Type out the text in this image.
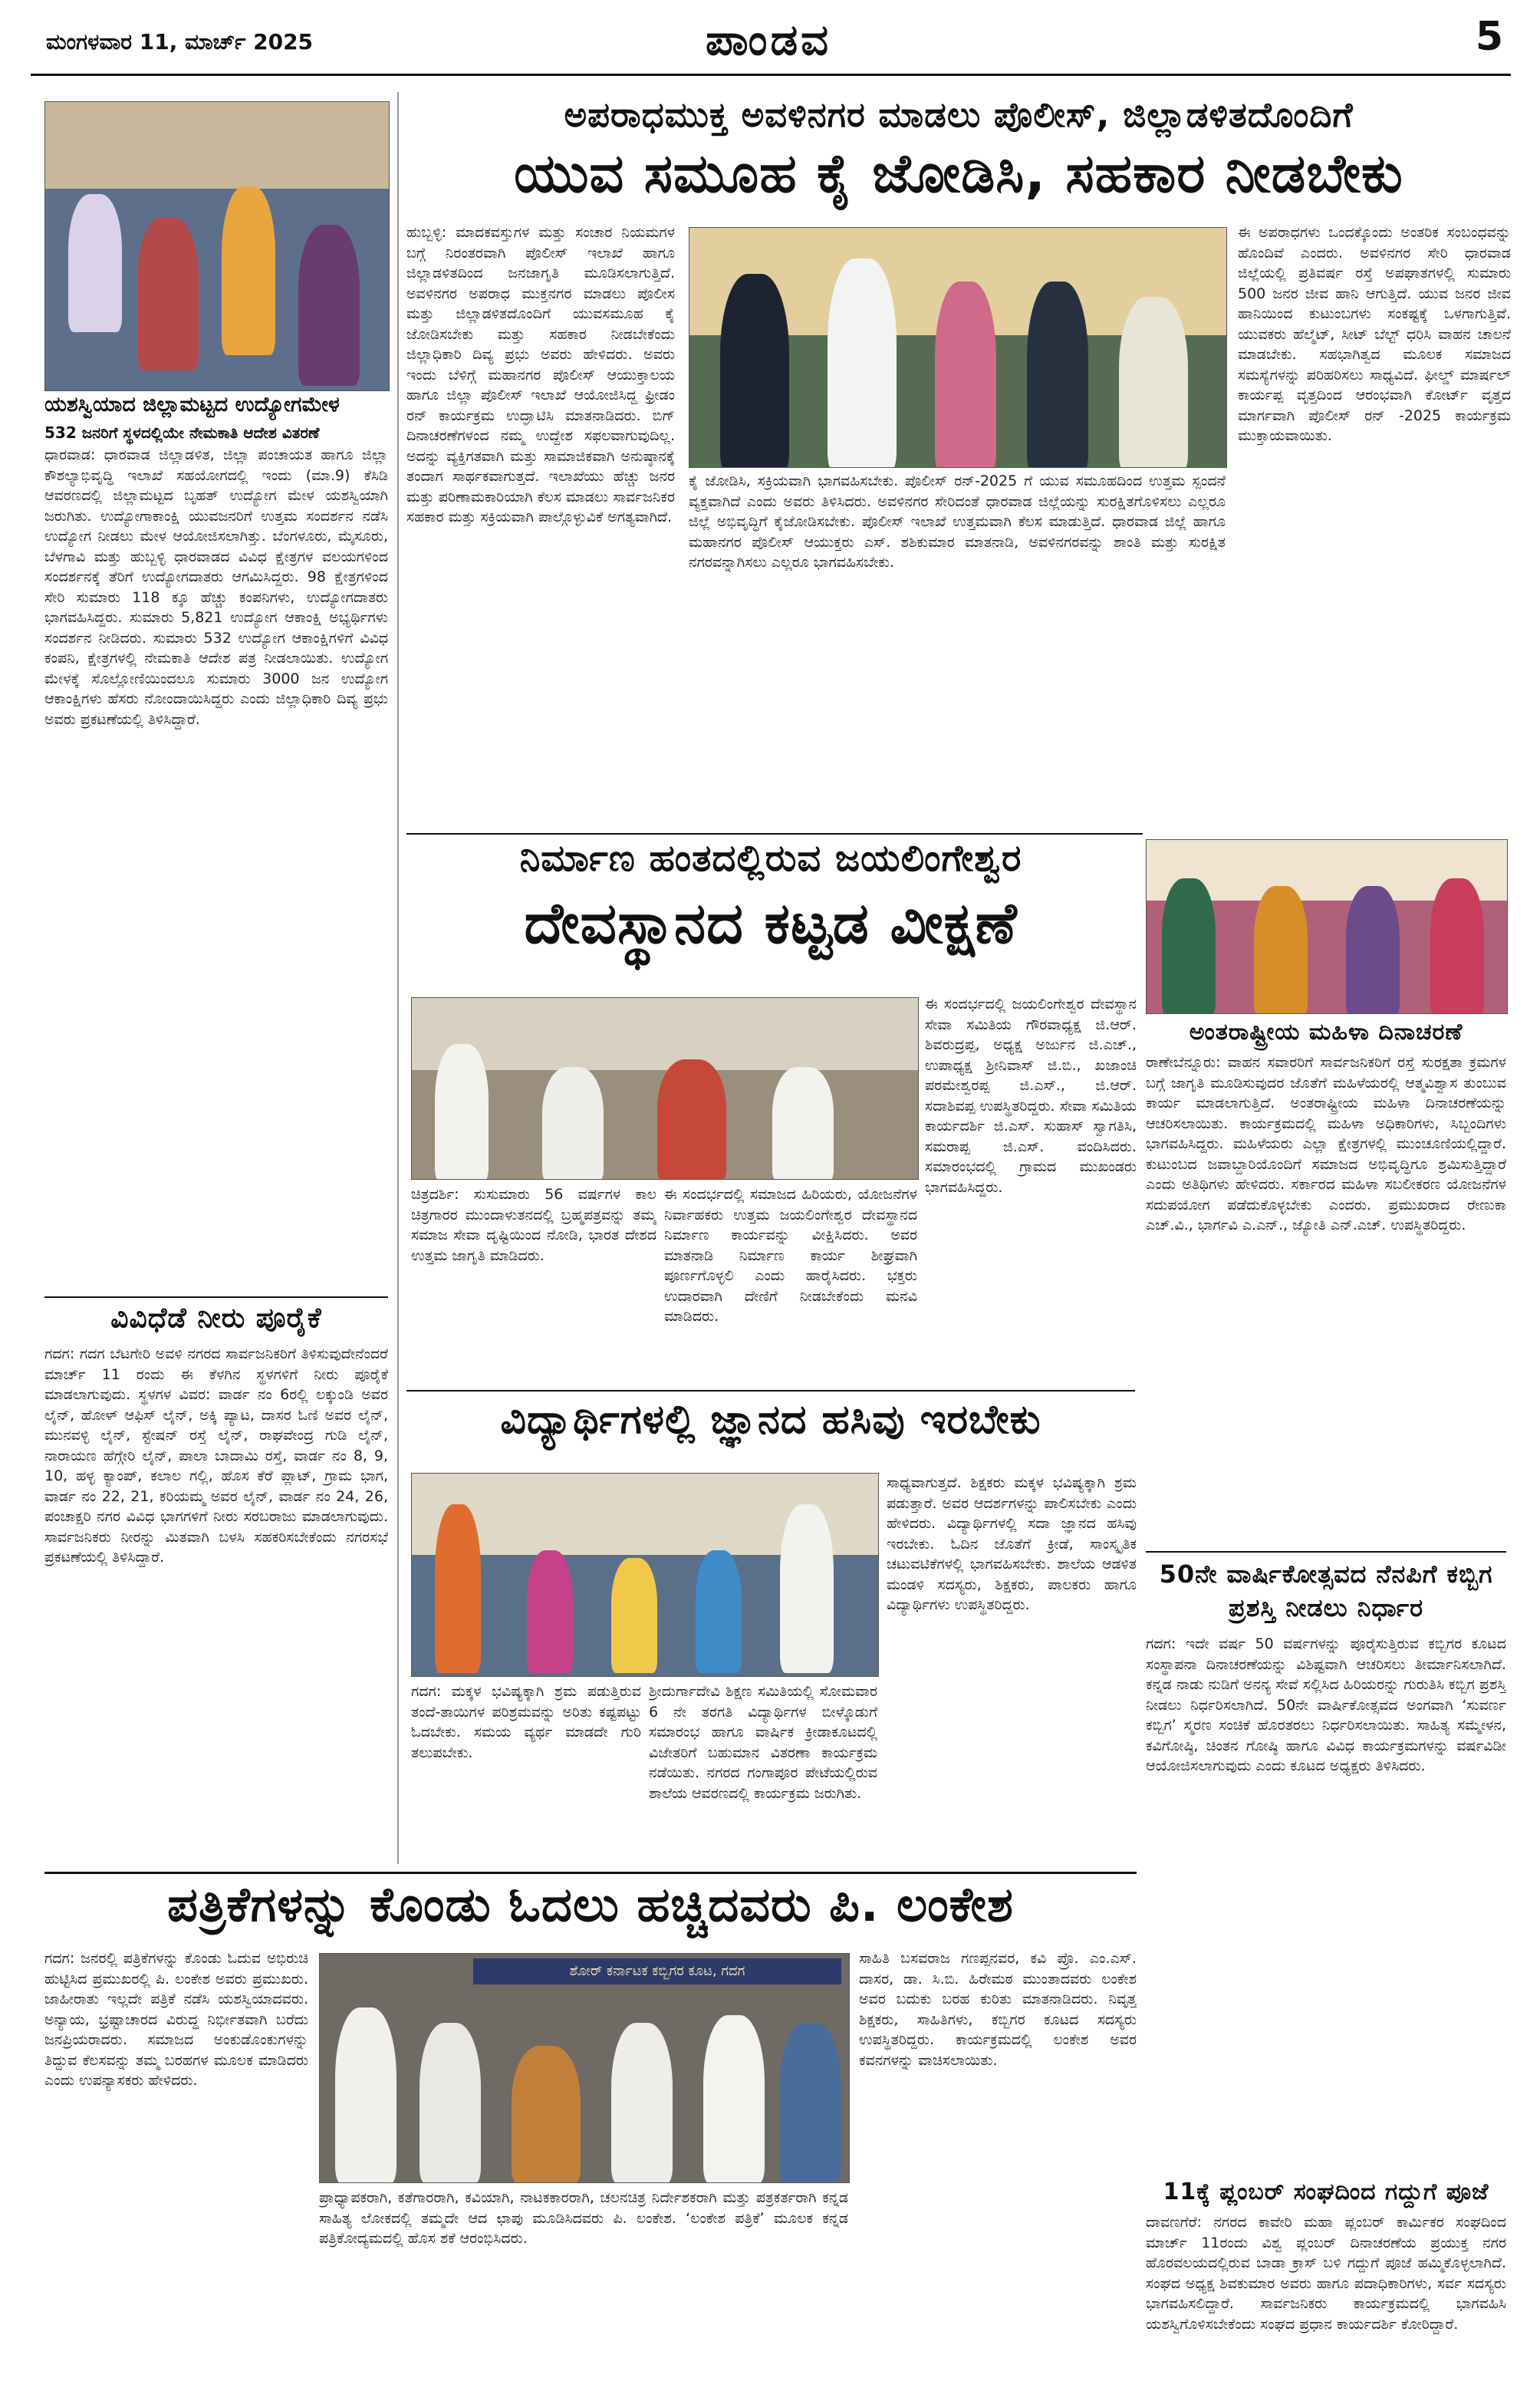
ಮಂಗಳವಾರ 11, ಮಾರ್ಚ್ 2025	ಪಾಂಡವ	5
ಯಶಸ್ವಿಯಾದ ಜಿಲ್ಲಾಮಟ್ಟದ ಉದ್ಯೋಗಮೇಳ
532 ಜನರಿಗೆ ಸ್ಥಳದಲ್ಲಿಯೇ ನೇಮಕಾತಿ ಆದೇಶ ವಿತರಣೆ
ಧಾರವಾಡ: ಧಾರವಾಡ ಜಿಲ್ಲಾಡಳಿತ, ಜಿಲ್ಲಾ ಪಂಚಾಯತ ಹಾಗೂ ಜಿಲ್ಲಾ ಕೌಶಲ್ಯಾಭಿವೃದ್ಧಿ ಇಲಾಖೆ ಸಹಯೋಗದಲ್ಲಿ ಇಂದು (ಮಾ.9) ಕೆಸಿಡಿ ಆವರಣದಲ್ಲಿ ಜಿಲ್ಲಾಮಟ್ಟದ ಬೃಹತ್ ಉದ್ಯೋಗ ಮೇಳ ಯಶಸ್ವಿಯಾಗಿ ಜರುಗಿತು. ಉದ್ಯೋಗಾಕಾಂಕ್ಷಿ ಯುವಜನರಿಗೆ ಉತ್ತಮ ಸಂದರ್ಶನ ನಡೆಸಿ ಉದ್ಯೋಗ ನೀಡಲು ಮೇಳ ಆಯೋಜಿಸಲಾಗಿತ್ತು. ಬೆಂಗಳೂರು, ಮೈಸೂರು, ಬೆಳಗಾವಿ ಮತ್ತು ಹುಬ್ಬಳ್ಳಿ ಧಾರವಾಡದ ವಿವಿಧ ಕ್ಷೇತ್ರಗಳ ವಲಯಗಳಿಂದ ಸಂದರ್ಶನಕ್ಕೆ ತೆರಿಗೆ ಉದ್ಯೋಗದಾತರು ಆಗಮಿಸಿದ್ದರು. 98 ಕ್ಷೇತ್ರಗಳಿಂದ ಸೇರಿ ಸುಮಾರು 118 ಕ್ಕೂ ಹೆಚ್ಚು ಕಂಪನಿಗಳು, ಉದ್ಯೋಗದಾತರು ಭಾಗವಹಿಸಿದ್ದರು. ಸುಮಾರು 5,821 ಉದ್ಯೋಗ ಆಕಾಂಕ್ಷಿ ಅಭ್ಯರ್ಥಿಗಳು ಸಂದರ್ಶನ ನೀಡಿದರು. ಸುಮಾರು 532 ಉದ್ಯೋಗ ಆಕಾಂಕ್ಷಿಗಳಿಗೆ ವಿವಿಧ ಕಂಪನಿ, ಕ್ಷೇತ್ರಗಳಲ್ಲಿ ನೇಮಕಾತಿ ಆದೇಶ ಪತ್ರ ನೀಡಲಾಯಿತು. ಉದ್ಯೋಗ ಮೇಳಕ್ಕೆ ಸೊಲ್ಲೋಣಿಯಿಂದಲೂ ಸುಮಾರು 3000 ಜನ ಉದ್ಯೋಗ ಆಕಾಂಕ್ಷಿಗಳು ಹೆಸರು ನೋಂದಾಯಿಸಿದ್ದರು ಎಂದು ಜಿಲ್ಲಾಧಿಕಾರಿ ದಿವ್ಯ ಪ್ರಭು ಅವರು ಪ್ರಕಟಣೆಯಲ್ಲಿ ತಿಳಿಸಿದ್ದಾರೆ.
ವಿವಿಧೆಡೆ ನೀರು ಪೂರೈಕೆ
ಗದಗ: ಗದಗ ಬೆಟಗೇರಿ ಅವಳಿ ನಗರದ ಸಾರ್ವಜನಿಕರಿಗೆ ತಿಳಿಸುವುದೇನೆಂದರೆ ಮಾರ್ಚ್ 11 ರಂದು ಈ ಕೆಳಗಿನ ಸ್ಥಳಗಳಿಗೆ ನೀರು ಪೂರೈಕೆ ಮಾಡಲಾಗುವುದು. ಸ್ಥಳಗಳ ವಿವರ: ವಾರ್ಡ ನಂ 6ರಲ್ಲಿ ಲಕ್ಕುಂಡಿ ಅವರ ಲೈನ್, ಹೋಳ್ ಆಫಿಸ್ ಲೈನ್, ಅಕ್ಕಿ ಪ್ಯಾಟ, ದಾಸರ ಓಣಿ ಅವರ ಲೈನ್, ಮುನವಳ್ಳಿ ಲೈನ್, ಸ್ಟೇಷನ್ ರಸ್ತೆ ಲೈನ್, ರಾಘವೇಂದ್ರ ಗುಡಿ ಲೈನ್, ನಾರಾಯಣ ಹೆಗ್ಗೇರಿ ಲೈನ್, ಪಾಲಾ ಬಾದಾಮಿ ರಸ್ತೆ, ವಾರ್ಡ ನಂ 8, 9, 10, ಹಳ್ಳ ಕ್ಯಾಂಪ್, ಕಲಾಲ ಗಲ್ಲಿ, ಹೊಸ ಕೆರೆ ಪ್ಲಾಟ್, ಗ್ರಾಮ ಭಾಗ, ವಾರ್ಡ ನಂ 22, 21, ಕರಿಯಮ್ಮ ಅವರ ಲೈನ್, ವಾರ್ಡ ನಂ 24, 26, ಪಂಚಾಕ್ಷರಿ ನಗರ ವಿವಿಧ ಭಾಗಗಳಿಗೆ ನೀರು ಸರಬರಾಜು ಮಾಡಲಾಗುವುದು. ಸಾರ್ವಜನಿಕರು ನೀರನ್ನು ಮಿತವಾಗಿ ಬಳಸಿ ಸಹಕರಿಸಬೇಕೆಂದು ನಗರಸಭೆ ಪ್ರಕಟಣೆಯಲ್ಲಿ ತಿಳಿಸಿದ್ದಾರೆ.
ಅಪರಾಧಮುಕ್ತ ಅವಳಿನಗರ ಮಾಡಲು ಪೊಲೀಸ್, ಜಿಲ್ಲಾಡಳಿತದೊಂದಿಗೆ
ಯುವ ಸಮೂಹ ಕೈ ಜೋಡಿಸಿ, ಸಹಕಾರ ನೀಡಬೇಕು
ಹುಬ್ಬಳ್ಳಿ: ಮಾದಕವಸ್ತುಗಳ ಮತ್ತು ಸಂಚಾರ ನಿಯಮಗಳ ಬಗ್ಗೆ ನಿರಂತರವಾಗಿ ಪೊಲೀಸ್ ಇಲಾಖೆ ಹಾಗೂ ಜಿಲ್ಲಾಡಳಿತದಿಂದ ಜನಜಾಗೃತಿ ಮೂಡಿಸಲಾಗುತ್ತಿದೆ. ಅವಳಿನಗರ ಅಪರಾಧ ಮುಕ್ತನಗರ ಮಾಡಲು ಪೊಲೀಸ ಮತ್ತು ಜಿಲ್ಲಾಡಳಿತದೊಂದಿಗೆ ಯುವಸಮೂಹ ಕೈ ಜೋಡಿಸಬೇಕು ಮತ್ತು ಸಹಕಾರ ನೀಡಬೇಕೆಂದು ಜಿಲ್ಲಾಧಿಕಾರಿ ದಿವ್ಯ ಪ್ರಭು ಅವರು ಹೇಳಿದರು. ಅವರು ಇಂದು ಬೆಳಿಗ್ಗೆ ಮಹಾನಗರ ಪೊಲೀಸ್ ಆಯುಕ್ತಾಲಯ ಹಾಗೂ ಜಿಲ್ಲಾ ಪೊಲೀಸ್ ಇಲಾಖೆ ಆಯೋಜಿಸಿದ್ದ ಫ್ರೀಡಂ ರನ್ ಕಾರ್ಯಕ್ರಮ ಉದ್ಘಾಟಿಸಿ ಮಾತನಾಡಿದರು. ಬಿಗ್ ದಿನಾಚರಣೆಗಳಂದ ನಮ್ಮ ಉದ್ದೇಶ ಸಫಲವಾಗುವುದಿಲ್ಲ. ಅದನ್ನು ವ್ಯಕ್ತಿಗತವಾಗಿ ಮತ್ತು ಸಾಮಾಜಿಕವಾಗಿ ಅನುಷ್ಠಾನಕ್ಕೆ ತಂದಾಗ ಸಾರ್ಥಕವಾಗುತ್ತದೆ. ಇಲಾಖೆಯು ಹೆಚ್ಚು ಜನರ ಮತ್ತು ಪರಿಣಾಮಕಾರಿಯಾಗಿ ಕೆಲಸ ಮಾಡಲು ಸಾರ್ವಜನಿಕರ ಸಹಕಾರ ಮತ್ತು ಸಕ್ರಿಯವಾಗಿ ಪಾಲ್ಗೊಳ್ಳುವಿಕೆ ಅಗತ್ಯವಾಗಿದೆ.
ಕೈ ಜೋಡಿಸಿ, ಸಕ್ರಿಯವಾಗಿ ಭಾಗವಹಿಸಬೇಕು. ಪೊಲೀಸ್ ರನ್-2025 ಗೆ ಯುವ ಸಮೂಹದಿಂದ ಉತ್ತಮ ಸ್ಪಂದನೆ ವ್ಯಕ್ತವಾಗಿದೆ ಎಂದು ಅವರು ತಿಳಿಸಿದರು. ಅವಳಿನಗರ ಸೇರಿದಂತೆ ಧಾರವಾಡ ಜಿಲ್ಲೆಯನ್ನು ಸುರಕ್ಷಿತಗೊಳಿಸಲು ಎಲ್ಲರೂ ಜಿಲ್ಲೆ ಅಭಿವೃದ್ಧಿಗೆ ಕೈಜೋಡಿಸಬೇಕು. ಪೊಲೀಸ್ ಇಲಾಖೆ ಉತ್ತಮವಾಗಿ ಕೆಲಸ ಮಾಡುತ್ತಿದೆ. ಧಾರವಾಡ ಜಿಲ್ಲೆ ಹಾಗೂ ಮಹಾನಗರ ಪೊಲೀಸ್ ಆಯುಕ್ತರು ಎಸ್. ಶಶಿಕುಮಾರ ಮಾತನಾಡಿ, ಅವಳಿನಗರವನ್ನು ಶಾಂತಿ ಮತ್ತು ಸುರಕ್ಷಿತ ನಗರವನ್ನಾಗಿಸಲು ಎಲ್ಲರೂ ಭಾಗವಹಿಸಬೇಕು.
ಈ ಅಪರಾಧಗಳು ಒಂದಕ್ಕೊಂದು ಅಂತರಿಕ ಸಂಬಂಧವನ್ನು ಹೊಂದಿವೆ ಎಂದರು. ಅವಳಿನಗರ ಸೇರಿ ಧಾರವಾಡ ಜಿಲ್ಲೆಯಲ್ಲಿ ಪ್ರತಿವರ್ಷ ರಸ್ತೆ ಅಪಘಾತಗಳಲ್ಲಿ ಸುಮಾರು 500 ಜನರ ಜೀವ ಹಾನಿ ಆಗುತ್ತಿದೆ. ಯುವ ಜನರ ಜೀವ ಹಾನಿಯಿಂದ ಕುಟುಂಬಗಳು ಸಂಕಷ್ಟಕ್ಕೆ ಒಳಗಾಗುತ್ತಿವೆ. ಯುವಕರು ಹೆಲ್ಮೆಟ್, ಸೀಟ್ ಬೆಲ್ಟ್ ಧರಿಸಿ ವಾಹನ ಚಾಲನೆ ಮಾಡಬೇಕು. ಸಹಭಾಗಿತ್ವದ ಮೂಲಕ ಸಮಾಜದ ಸಮಸ್ಯೆಗಳನ್ನು ಪರಿಹರಿಸಲು ಸಾಧ್ಯವಿದೆ. ಫೀಲ್ಡ್ ಮಾರ್ಷಲ್ ಕಾರ್ಯಪ್ಪ ವೃತ್ತದಿಂದ ಆರಂಭವಾಗಿ ಕೋರ್ಟ್ ವೃತ್ತದ ಮಾರ್ಗವಾಗಿ ಪೊಲೀಸ್ ರನ್ -2025 ಕಾರ್ಯಕ್ರಮ ಮುಕ್ತಾಯವಾಯಿತು.
ನಿರ್ಮಾಣ ಹಂತದಲ್ಲಿರುವ ಜಯಲಿಂಗೇಶ್ವರ
ದೇವಸ್ಥಾನದ ಕಟ್ಟಡ ವೀಕ್ಷಣೆ
ಚಿತ್ರದರ್ಶಿ: ಸುಸುಮಾರು 56 ವರ್ಷಗಳ ಕಾಲ ಚಿತ್ರಗಾರರ ಮುಂದಾಳುತನದಲ್ಲಿ ಬ್ರಹ್ಮಪತ್ರವನ್ನು ತಮ್ಮ ಸಮಾಜ ಸೇವಾ ದೃಷ್ಟಿಯಿಂದ ನೋಡಿ, ಭಾರತ ದೇಶದ ಉತ್ತಮ ಜಾಗೃತಿ ಮಾಡಿದರು.
ಈ ಸಂದರ್ಭದಲ್ಲಿ ಸಮಾಜದ ಹಿರಿಯರು, ಯೋಜನೆಗಳ ನಿರ್ವಾಹಕರು ಉತ್ತಮ ಜಯಲಿಂಗೇಶ್ವರ ದೇವಸ್ಥಾನದ ನಿರ್ಮಾಣ ಕಾರ್ಯವನ್ನು ವೀಕ್ಷಿಸಿದರು. ಅವರ ಮಾತನಾಡಿ ನಿರ್ಮಾಣ ಕಾರ್ಯ ಶೀಘ್ರವಾಗಿ ಪೂರ್ಣಗೊಳ್ಳಲಿ ಎಂದು ಹಾರೈಸಿದರು. ಭಕ್ತರು ಉದಾರವಾಗಿ ದೇಣಿಗೆ ನೀಡಬೇಕೆಂದು ಮನವಿ ಮಾಡಿದರು.
ಈ ಸಂದರ್ಭದಲ್ಲಿ ಜಯಲಿಂಗೇಶ್ವರ ದೇವಸ್ಥಾನ ಸೇವಾ ಸಮಿತಿಯ ಗೌರವಾಧ್ಯಕ್ಷ ಜಿ.ಆರ್. ಶಿವರುದ್ರಪ್ಪ, ಅಧ್ಯಕ್ಷ ಅರ್ಜುನ ಜಿ.ಎಚ್., ಉಪಾಧ್ಯಕ್ಷ ಶ್ರೀನಿವಾಸ್ ಜಿ.ಬಿ., ಖಜಾಂಚಿ ಪರಮೇಶ್ವರಪ್ಪ ಜಿ.ಎಸ್., ಜಿ.ಆರ್. ಸದಾಶಿವಪ್ಪ ಉಪಸ್ಥಿತರಿದ್ದರು. ಸೇವಾ ಸಮಿತಿಯ ಕಾರ್ಯದರ್ಶಿ ಜಿ.ಎಸ್. ಸುಹಾಸ್ ಸ್ವಾಗತಿಸಿ, ಸಮರಾಪ್ಪ ಜಿ.ಎಸ್. ವಂದಿಸಿದರು. ಸಮಾರಂಭದಲ್ಲಿ ಗ್ರಾಮದ ಮುಖಂಡರು ಭಾಗವಹಿಸಿದ್ದರು.
ಅಂತರಾಷ್ಟ್ರೀಯ ಮಹಿಳಾ ದಿನಾಚರಣೆ
ರಾಣೇಬೆನ್ನೂರು: ವಾಹನ ಸವಾರರಿಗೆ ಸಾರ್ವಜನಿಕರಿಗೆ ರಸ್ತೆ ಸುರಕ್ಷತಾ ಕ್ರಮಗಳ ಬಗ್ಗೆ ಜಾಗೃತಿ ಮೂಡಿಸುವುದರ ಜೊತೆಗೆ ಮಹಿಳೆಯರಲ್ಲಿ ಆತ್ಮವಿಶ್ವಾಸ ತುಂಬುವ ಕಾರ್ಯ ಮಾಡಲಾಗುತ್ತಿದೆ. ಅಂತರಾಷ್ಟ್ರೀಯ ಮಹಿಳಾ ದಿನಾಚರಣೆಯನ್ನು ಆಚರಿಸಲಾಯಿತು. ಕಾರ್ಯಕ್ರಮದಲ್ಲಿ ಮಹಿಳಾ ಅಧಿಕಾರಿಗಳು, ಸಿಬ್ಬಂದಿಗಳು ಭಾಗವಹಿಸಿದ್ದರು. ಮಹಿಳೆಯರು ಎಲ್ಲಾ ಕ್ಷೇತ್ರಗಳಲ್ಲಿ ಮುಂಚೂಣಿಯಲ್ಲಿದ್ದಾರೆ. ಕುಟುಂಬದ ಜವಾಬ್ದಾರಿಯೊಂದಿಗೆ ಸಮಾಜದ ಅಭಿವೃದ್ಧಿಗೂ ಶ್ರಮಿಸುತ್ತಿದ್ದಾರೆ ಎಂದು ಅತಿಥಿಗಳು ಹೇಳಿದರು. ಸರ್ಕಾರದ ಮಹಿಳಾ ಸಬಲೀಕರಣ ಯೋಜನೆಗಳ ಸದುಪಯೋಗ ಪಡೆದುಕೊಳ್ಳಬೇಕು ಎಂದರು. ಪ್ರಮುಖರಾದ ರೇಣುಕಾ ಎಚ್.ವಿ., ಭಾರ್ಗವಿ ಎ.ಎನ್., ಜ್ಯೋತಿ ಎನ್.ಎಚ್. ಉಪಸ್ಥಿತರಿದ್ದರು.
ವಿದ್ಯಾರ್ಥಿಗಳಲ್ಲಿ ಜ್ಞಾನದ ಹಸಿವು ಇರಬೇಕು
ಗದಗ: ಮಕ್ಕಳ ಭವಿಷ್ಯಕ್ಕಾಗಿ ಶ್ರಮ ಪಡುತ್ತಿರುವ ತಂದೆ-ತಾಯಿಗಳ ಪರಿಶ್ರಮವನ್ನು ಅರಿತು ಕಷ್ಟಪಟ್ಟು ಓದಬೇಕು. ಸಮಯ ವ್ಯರ್ಥ ಮಾಡದೇ ಗುರಿ ತಲುಪಬೇಕು.
ಶ್ರೀದುರ್ಗಾದೇವಿ ಶಿಕ್ಷಣ ಸಮಿತಿಯಲ್ಲಿ ಸೋಮವಾರ 6 ನೇ ತರಗತಿ ವಿದ್ಯಾರ್ಥಿಗಳ ಬೀಳ್ಕೊಡುಗೆ ಸಮಾರಂಭ ಹಾಗೂ ವಾರ್ಷಿಕ ಕ್ರೀಡಾಕೂಟದಲ್ಲಿ ವಿಜೇತರಿಗೆ ಬಹುಮಾನ ವಿತರಣಾ ಕಾರ್ಯಕ್ರಮ ನಡೆಯಿತು. ನಗರದ ಗಂಗಾಪೂರ ಪೇಟೆಯಲ್ಲಿರುವ ಶಾಲೆಯ ಆವರಣದಲ್ಲಿ ಕಾರ್ಯಕ್ರಮ ಜರುಗಿತು.
ಸಾಧ್ಯವಾಗುತ್ತದೆ. ಶಿಕ್ಷಕರು ಮಕ್ಕಳ ಭವಿಷ್ಯಕ್ಕಾಗಿ ಶ್ರಮ ಪಡುತ್ತಾರೆ. ಅವರ ಆದರ್ಶಗಳನ್ನು ಪಾಲಿಸಬೇಕು ಎಂದು ಹೇಳಿದರು. ವಿದ್ಯಾರ್ಥಿಗಳಲ್ಲಿ ಸದಾ ಜ್ಞಾನದ ಹಸಿವು ಇರಬೇಕು. ಓದಿನ ಜೊತೆಗೆ ಕ್ರೀಡೆ, ಸಾಂಸ್ಕೃತಿಕ ಚಟುವಟಿಕೆಗಳಲ್ಲಿ ಭಾಗವಹಿಸಬೇಕು. ಶಾಲೆಯ ಆಡಳಿತ ಮಂಡಳಿ ಸದಸ್ಯರು, ಶಿಕ್ಷಕರು, ಪಾಲಕರು ಹಾಗೂ ವಿದ್ಯಾರ್ಥಿಗಳು ಉಪಸ್ಥಿತರಿದ್ದರು.
50ನೇ ವಾರ್ಷಿಕೋತ್ಸವದ ನೆನಪಿಗೆ ಕಬ್ಬಿಗ ಪ್ರಶಸ್ತಿ ನೀಡಲು ನಿರ್ಧಾರ
ಗದಗ: ಇದೇ ವರ್ಷ 50 ವರ್ಷಗಳನ್ನು ಪೂರೈಸುತ್ತಿರುವ ಕಬ್ಬಿಗರ ಕೂಟದ ಸಂಸ್ಥಾಪನಾ ದಿನಾಚರಣೆಯನ್ನು ವಿಶಿಷ್ಟವಾಗಿ ಆಚರಿಸಲು ತೀರ್ಮಾನಿಸಲಾಗಿದೆ. ಕನ್ನಡ ನಾಡು ನುಡಿಗೆ ಅನನ್ಯ ಸೇವೆ ಸಲ್ಲಿಸಿದ ಹಿರಿಯರನ್ನು ಗುರುತಿಸಿ ಕಬ್ಬಿಗ ಪ್ರಶಸ್ತಿ ನೀಡಲು ನಿರ್ಧರಿಸಲಾಗಿದೆ. 50ನೇ ವಾರ್ಷಿಕೋತ್ಸವದ ಅಂಗವಾಗಿ ‘ಸುವರ್ಣ ಕಬ್ಬಿಗ’ ಸ್ಮರಣ ಸಂಚಿಕೆ ಹೊರತರಲು ನಿರ್ಧರಿಸಲಾಯಿತು. ಸಾಹಿತ್ಯ ಸಮ್ಮೇಳನ, ಕವಿಗೋಷ್ಠಿ, ಚಿಂತನ ಗೋಷ್ಠಿ ಹಾಗೂ ವಿವಿಧ ಕಾರ್ಯಕ್ರಮಗಳನ್ನು ವರ್ಷವಿಡೀ ಆಯೋಜಿಸಲಾಗುವುದು ಎಂದು ಕೂಟದ ಅಧ್ಯಕ್ಷರು ತಿಳಿಸಿದರು.
11ಕ್ಕೆ ಪ್ಲಂಬರ್ ಸಂಘದಿಂದ ಗದ್ದುಗೆ ಪೂಜೆ
ದಾವಣಗೆರೆ: ನಗರದ ಕಾವೇರಿ ಮಹಾ ಪ್ಲಂಬರ್ ಕಾರ್ಮಿಕರ ಸಂಘದಿಂದ ಮಾರ್ಚ್ 11ರಂದು ವಿಶ್ವ ಪ್ಲಂಬರ್ ದಿನಾಚರಣೆಯ ಪ್ರಯುಕ್ತ ನಗರ ಹೊರವಲಯದಲ್ಲಿರುವ ಬಾಡಾ ಕ್ರಾಸ್ ಬಳಿ ಗದ್ದುಗೆ ಪೂಜೆ ಹಮ್ಮಿಕೊಳ್ಳಲಾಗಿದೆ. ಸಂಘದ ಅಧ್ಯಕ್ಷ ಶಿವಕುಮಾರ ಅವರು ಹಾಗೂ ಪದಾಧಿಕಾರಿಗಳು, ಸರ್ವ ಸದಸ್ಯರು ಭಾಗವಹಿಸಲಿದ್ದಾರೆ. ಸಾರ್ವಜನಿಕರು ಕಾರ್ಯಕ್ರಮದಲ್ಲಿ ಭಾಗವಹಿಸಿ ಯಶಸ್ವಿಗೊಳಿಸಬೇಕೆಂದು ಸಂಘದ ಪ್ರಧಾನ ಕಾರ್ಯದರ್ಶಿ ಕೋರಿದ್ದಾರೆ.
ಪತ್ರಿಕೆಗಳನ್ನು ಕೊಂಡು ಓದಲು ಹಚ್ಚಿದವರು ಪಿ. ಲಂಕೇಶ
ಗದಗ: ಜನರಲ್ಲಿ ಪತ್ರಿಕೆಗಳನ್ನು ಕೊಂಡು ಓದುವ ಅಭಿರುಚಿ ಹುಟ್ಟಿಸಿದ ಪ್ರಮುಖರಲ್ಲಿ ಪಿ. ಲಂಕೇಶ ಅವರು ಪ್ರಮುಖರು. ಜಾಹೀರಾತು ಇಲ್ಲದೇ ಪತ್ರಿಕೆ ನಡೆಸಿ ಯಶಸ್ವಿಯಾದವರು. ಅನ್ಯಾಯ, ಭ್ರಷ್ಟಾಚಾರದ ವಿರುದ್ಧ ನಿರ್ಭೀತವಾಗಿ ಬರೆದು ಜನಪ್ರಿಯರಾದರು. ಸಮಾಜದ ಅಂಕುಡೊಂಕುಗಳನ್ನು ತಿದ್ದುವ ಕೆಲಸವನ್ನು ತಮ್ಮ ಬರಹಗಳ ಮೂಲಕ ಮಾಡಿದರು ಎಂದು ಉಪನ್ಯಾಸಕರು ಹೇಳಿದರು.
ಶೋರ್ ಕರ್ನಾಟಕ ಕಬ್ಬಿಗರ ಕೂಟ, ಗದಗ
ಪ್ರಾಧ್ಯಾಪಕರಾಗಿ, ಕತೆಗಾರರಾಗಿ, ಕವಿಯಾಗಿ, ನಾಟಕಕಾರರಾಗಿ, ಚಲನಚಿತ್ರ ನಿರ್ದೇಶಕರಾಗಿ ಮತ್ತು ಪತ್ರಕರ್ತರಾಗಿ ಕನ್ನಡ ಸಾಹಿತ್ಯ ಲೋಕದಲ್ಲಿ ತಮ್ಮದೇ ಆದ ಛಾಪು ಮೂಡಿಸಿದವರು ಪಿ. ಲಂಕೇಶ. ‘ಲಂಕೇಶ ಪತ್ರಿಕೆ’ ಮೂಲಕ ಕನ್ನಡ ಪತ್ರಿಕೋದ್ಯಮದಲ್ಲಿ ಹೊಸ ಶಕೆ ಆರಂಭಿಸಿದರು.
ಸಾಹಿತಿ ಬಸವರಾಜ ಗಣಪ್ಪನವರ, ಕವಿ ಪ್ರೊ. ಎಂ.ಎಸ್. ದಾಸರ, ಡಾ. ಸಿ.ಬಿ. ಹಿರೇಮಠ ಮುಂತಾದವರು ಲಂಕೇಶ ಅವರ ಬದುಕು ಬರಹ ಕುರಿತು ಮಾತನಾಡಿದರು. ನಿವೃತ್ತ ಶಿಕ್ಷಕರು, ಸಾಹಿತಿಗಳು, ಕಬ್ಬಿಗರ ಕೂಟದ ಸದಸ್ಯರು ಉಪಸ್ಥಿತರಿದ್ದರು. ಕಾರ್ಯಕ್ರಮದಲ್ಲಿ ಲಂಕೇಶ ಅವರ ಕವನಗಳನ್ನು ವಾಚಿಸಲಾಯಿತು.
